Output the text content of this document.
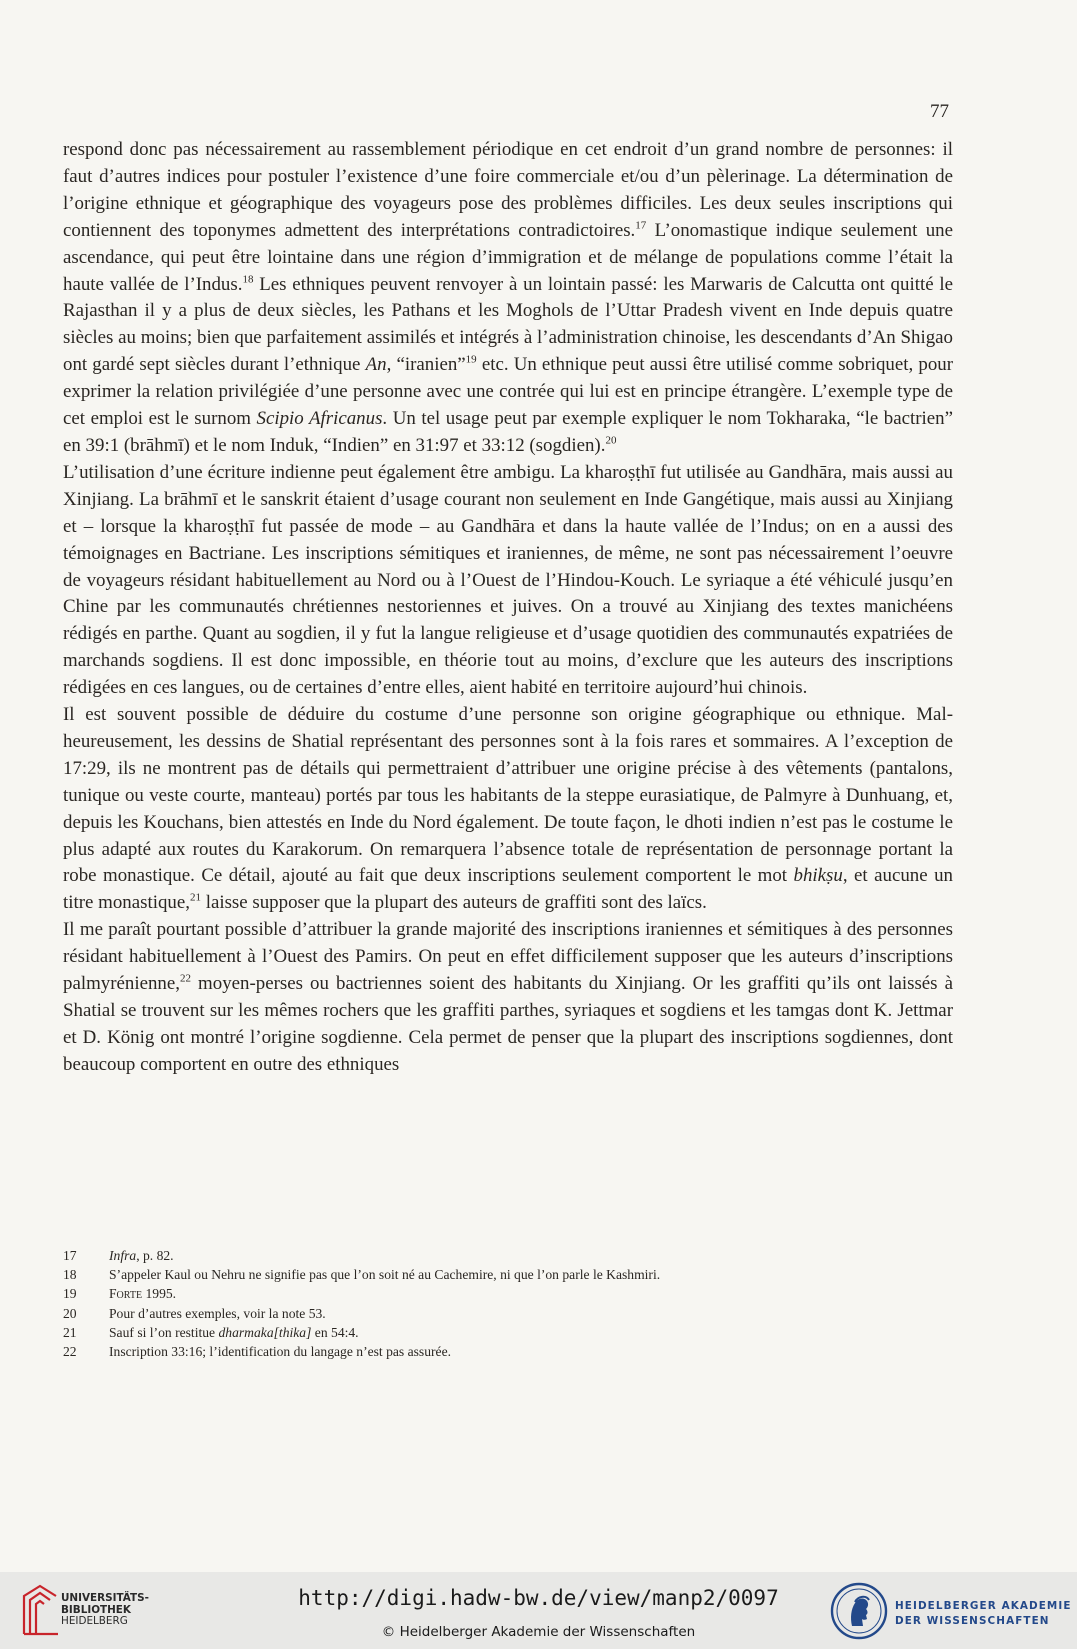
77

respond donc pas nécessairement au rassemblement périodique en cet endroit d’un grand nombre de personnes: il faut d’autres indices pour postuler l’existence d’une foire commerciale et/ou d’un pèlerinage. La détermination de l’origine ethnique et géographique des voyageurs pose des problèmes difficiles. Les deux seules inscriptions qui contiennent des toponymes admettent des interprétations contradictoires.$^{17}$ L’onomastique indique seulement une ascendance, qui peut être lointaine dans une région d’immigration et de mélange de populations comme l’était la haute vallée de l’Indus.$^{18}$ Les ethniques peuvent renvoyer à un lointain passé: les Marwaris de Calcutta ont quitté le Rajasthan il y a plus de deux siècles, les Pathans et les Moghols de l’Uttar Pradesh vivent en Inde depuis quatre siècles au moins; bien que parfaitement assimilés et intégrés à l’administration chinoise, les descendants d’An Shigao ont gardé sept siècles durant l’ethnique An, “iranien”$^{19}$ etc. Un ethnique peut aussi être utilisé comme sobriquet, pour exprimer la relation privilégiée d’une personne avec une contrée qui lui est en principe étrangère. L’exemple type de cet emploi est le surnom Scipio Africanus. Un tel usage peut par exemple expliquer le nom Tokharaka, “le bactrien” en 39:1 (brāhmī) et le nom Induk, “Indien” en 31:97 et 33:12 (sogdien).$^{20}$

L’utilisation d’une écriture indienne peut également être ambigu. La kharoṣṭhī fut utilisée au Gandhāra, mais aussi au Xinjiang. La brāhmī et le sanskrit étaient d’usage courant non seulement en Inde Gangétique, mais aussi au Xinjiang et – lorsque la kharoṣṭhī fut passée de mode – au Gandhāra et dans la haute vallée de l’Indus; on en a aussi des témoignages en Bactriane. Les inscriptions sémitiques et iraniennes, de même, ne sont pas nécessairement l’oeuvre de voyageurs résidant habituellement au Nord ou à l’Ouest de l’Hindou-Kouch. Le syriaque a été véhiculé jusqu’en Chine par les communautés chrétiennes nestoriennes et juives. On a trouvé au Xinjiang des textes manichéens rédigés en parthe. Quant au sogdien, il y fut la langue religieuse et d’usage quotidien des communautés expatriées de marchands sogdiens. Il est donc impossible, en théorie tout au moins, d’exclure que les auteurs des inscriptions rédigées en ces langues, ou de certaines d’entre elles, aient habité en territoire aujourd’hui chinois.

Il est souvent possible de déduire du costume d’une personne son origine géographique ou ethnique. Malheureusement, les dessins de Shatial représentant des personnes sont à la fois rares et sommaires. A l’exception de 17:29, ils ne montrent pas de détails qui permettraient d’attribuer une origine précise à des vêtements (pantalons, tunique ou veste courte, manteau) portés par tous les habitants de la steppe eurasiatique, de Palmyre à Dunhuang, et, depuis les Kouchans, bien attestés en Inde du Nord également. De toute façon, le dhoti indien n’est pas le costume le plus adapté aux routes du Karakorum. On remarquera l’absence totale de représentation de personnage portant la robe monastique. Ce détail, ajouté au fait que deux inscriptions seulement comportent le mot bhikṣu, et aucune un titre monastique,$^{21}$ laisse supposer que la plupart des auteurs de graffiti sont des laïcs.

Il me paraît pourtant possible d’attribuer la grande majorité des inscriptions iraniennes et sémitiques à des personnes résidant habituellement à l’Ouest des Pamirs. On peut en effet difficilement supposer que les auteurs d’inscriptions palmyrénienne,$^{22}$ moyen-perses ou bactriennes soient des habitants du Xinjiang. Or les graffiti qu’ils ont laissés à Shatial se trouvent sur les mêmes rochers que les graffiti parthes, syriaques et sogdiens et les tamgas dont K. Jettmar et D. König ont montré l’origine sogdienne. Cela permet de penser que la plupart des inscriptions sogdiennes, dont beaucoup comportent en outre des ethniques

17	Infra, p. 82.
18	S’appeler Kaul ou Nehru ne signifie pas que l’on soit né au Cachemire, ni que l’on parle le Kashmiri.
19	Forte 1995.
20	Pour d’autres exemples, voir la note 53.
21	Sauf si l’on restitue dharmaka[thika] en 54:4.
22	Inscription 33:16; l’identification du langage n’est pas assurée.
UNIVERSITÄTS-
BIBLIOTHEK
HEIDELBERG
http://digi.hadw-bw.de/view/manp2/0097
© Heidelberger Akademie der Wissenschaften
HEIDELBERGER AKADEMIE
DER WISSENSCHAFTEN
